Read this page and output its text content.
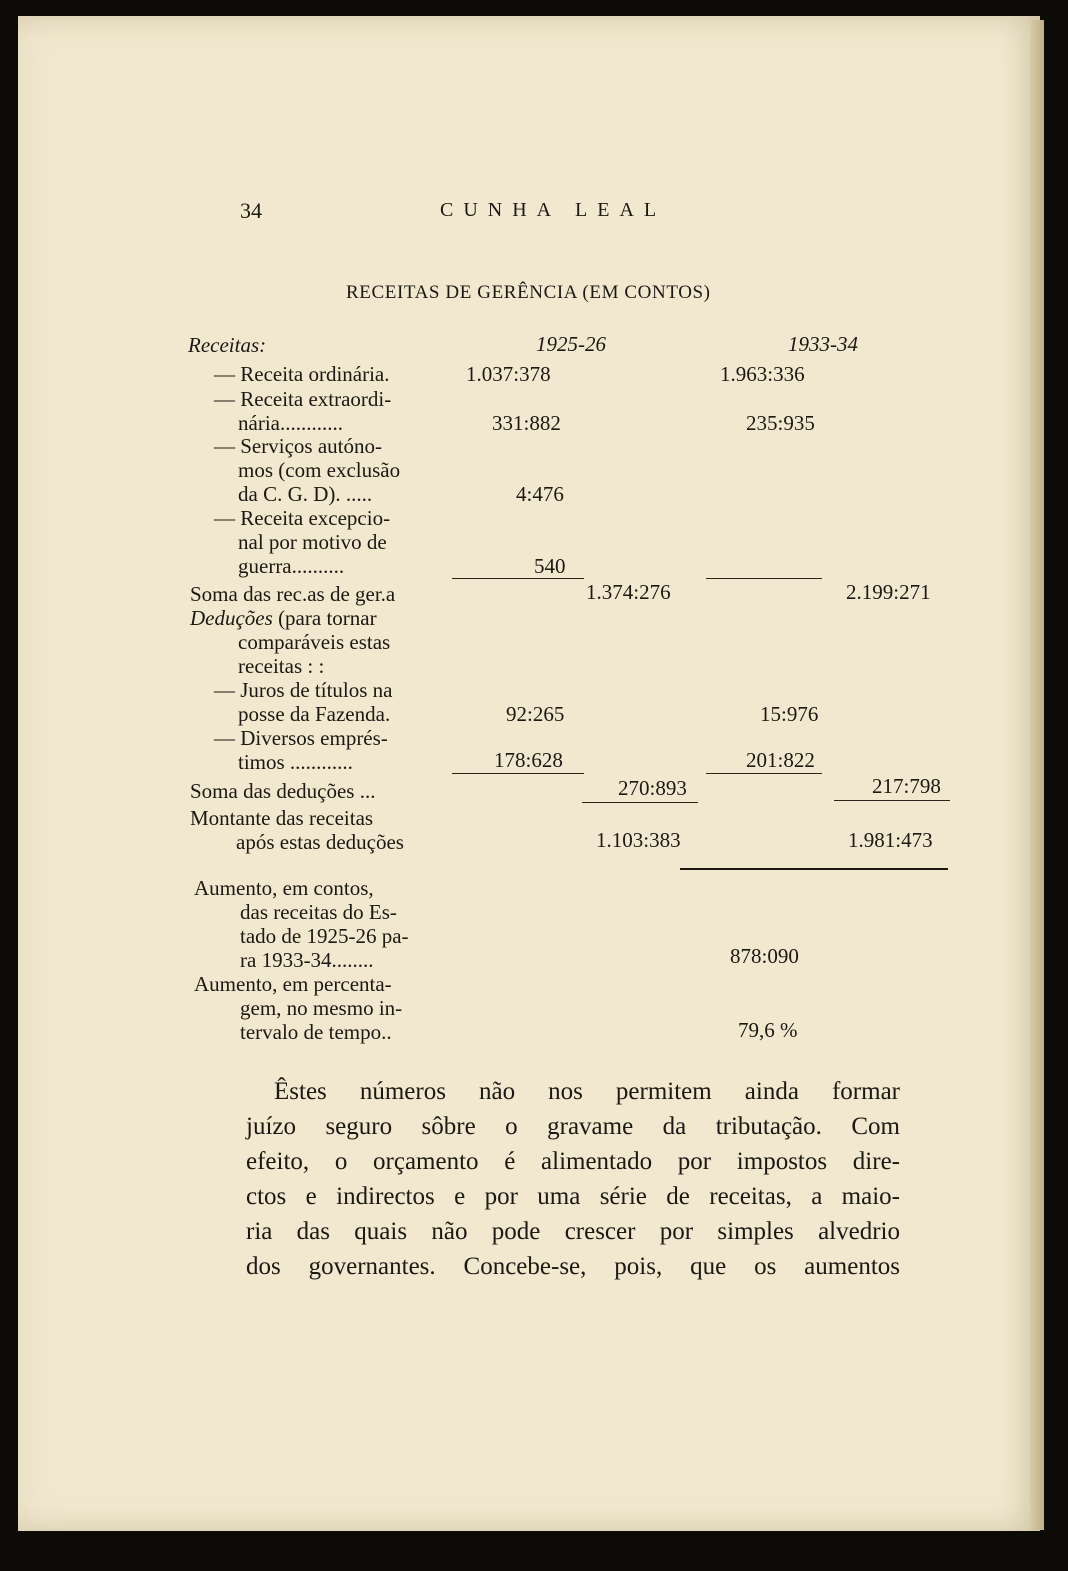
34	CUNHA LEAL
RECEITAS DE GERÊNCIA (EM CONTOS)
Receitas:	1925-26	1933-34
— Receita ordinária.	1.037:378	1.963:336
— Receita extraordi-
nária............	331:882	235:935
— Serviços autóno-
mos (com exclusão
da C. G. D). .....	4:476
— Receita excepcio-
nal por motivo de
guerra..........	540
Soma das rec.as de ger.a	1.374:276	2.199:271
Deduções (para tornar
comparáveis estas
receitas : :
— Juros de títulos na
posse da Fazenda.	92:265	15:976
— Diversos emprés-
timos ............	178:628	201:822
Soma das deduções ...	270:893	217:798
Montante das receitas
após estas deduções	1.103:383	1.981:473
Aumento, em contos,
das receitas do Es-
tado de 1925-26 pa-
ra 1933-34........	878:090
Aumento, em percenta-
gem, no mesmo in-
tervalo de tempo..	79,6 %
Êstes números não nos permitem ainda formar
juízo seguro sôbre o gravame da tributação. Com
efeito, o orçamento é alimentado por impostos dire-
ctos e indirectos e por uma série de receitas, a maio-
ria das quais não pode crescer por simples alvedrio
dos governantes. Concebe-se, pois, que os aumentos
